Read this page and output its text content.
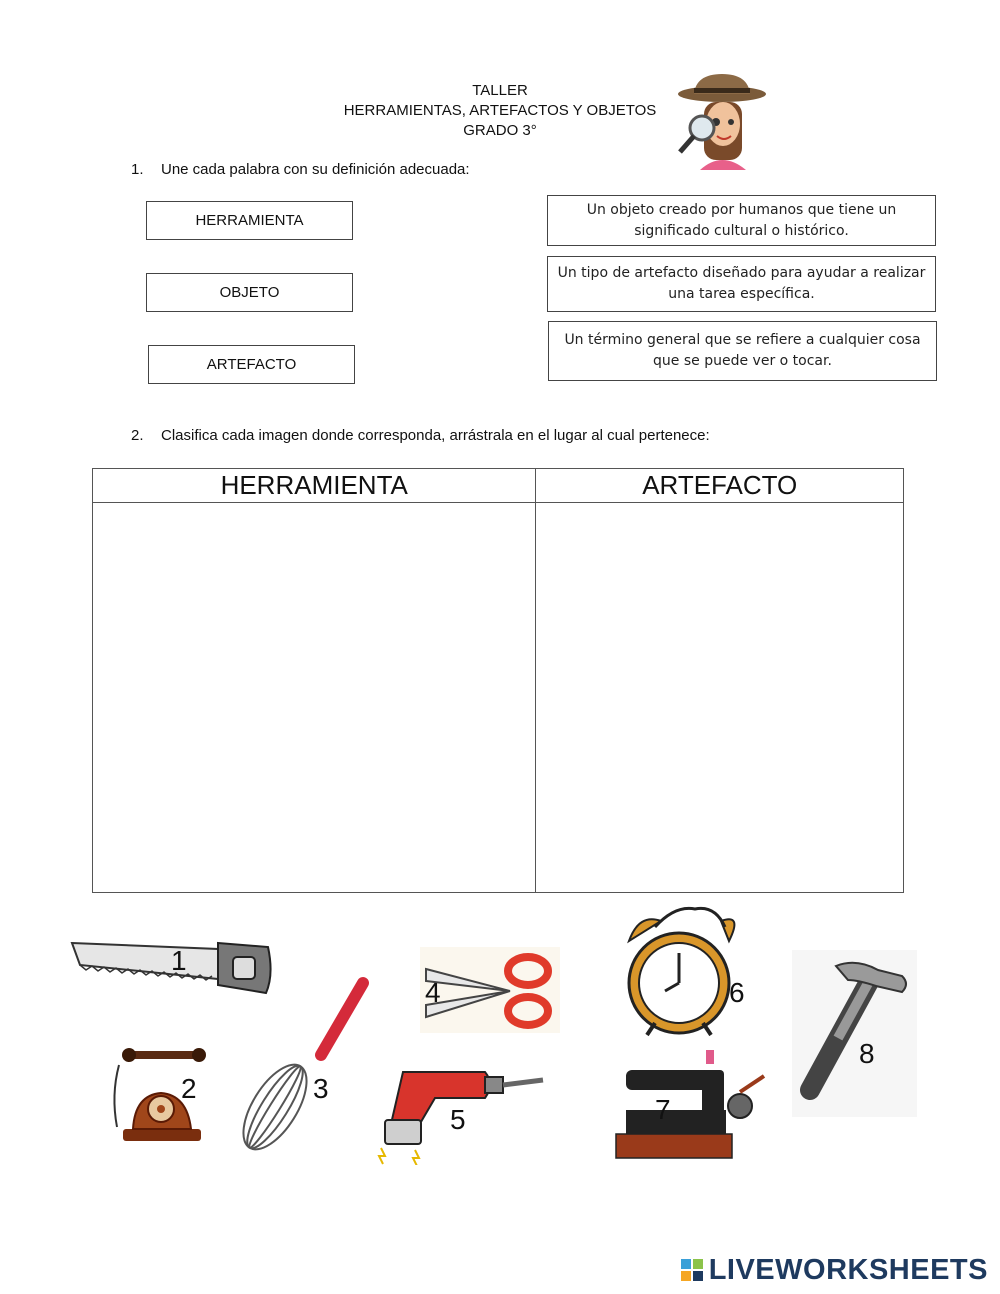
TALLER
HERRAMIENTAS, ARTEFACTOS Y OBJETOS
GRADO 3°
1. Une cada palabra con su definición adecuada:
HERRAMIENTA
OBJETO
ARTEFACTO
Un objeto creado por humanos que tiene un significado cultural o histórico.
Un tipo de artefacto diseñado para ayudar a realizar una tarea específica.
Un término general que se refiere a cualquier cosa que se puede ver o tocar.
2. Clasifica cada imagen donde corresponda, arrástrala en el lugar al cual pertenece:
HERRAMIENTA	ARTEFACTO

1
2	3
4
5
6
7
8
LIVEWORKSHEETS
